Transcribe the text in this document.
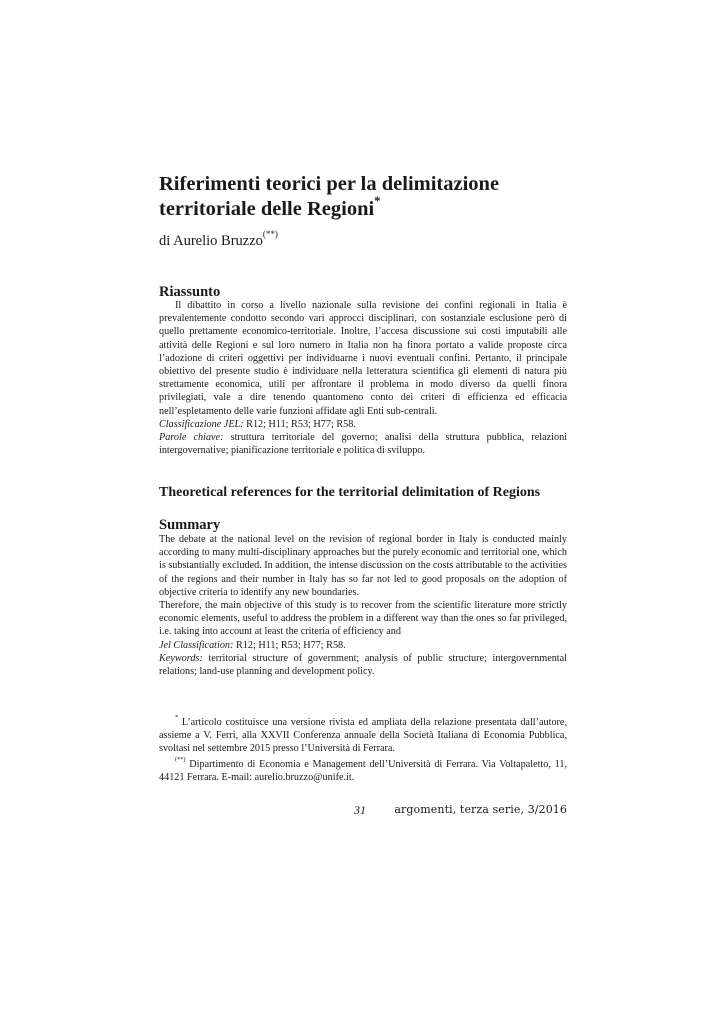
Riferimenti teorici per la delimitazione territoriale delle Regioni*
di Aurelio Bruzzo(**)
Riassunto

Il dibattito in corso a livello nazionale sulla revisione dei confini regionali in Italia è prevalentemente condotto secondo vari approcci disciplinari, con sostanziale esclusione però di quello prettamente economico-territoriale. Inoltre, l’accesa discussione sui costi imputabili alle attività delle Regioni e sul loro numero in Italia non ha finora portato a valide proposte circa l’adozione di criteri oggettivi per individuarne i nuovi eventuali confini. Pertanto, il principale obiettivo del presente studio è individuare nella letteratura scientifica gli elementi di natura più strettamente economica, utili per affrontare il problema in modo diverso da quelli finora privilegiati, vale a dire tenendo quantomeno conto dei criteri di efficienza ed efficacia nell’espletamento delle varie funzioni affidate agli Enti sub-centrali.

Classificazione JEL: R12; H11; R53; H77; R58.

Parole chiave: struttura territoriale del governo; analisi della struttura pubblica, relazioni intergovernative; pianificazione territoriale e politica di sviluppo.

Theoretical references for the territorial delimitation of Regions
Summary

The debate at the national level on the revision of regional border in Italy is conducted mainly according to many multi-disciplinary approaches but the purely economic and territorial one, which is substantially excluded. In addition, the intense discussion on the costs attributable to the activities of the regions and their number in Italy has so far not led to good proposals on the adoption of objective criteria to identify any new boundaries.

Therefore, the main objective of this study is to recover from the scientific literature more strictly economic elements, useful to address the problem in a different way than the ones so far privileged, i.e. taking into account at least the criteria of efficiency and

Jel Classification: R12; H11; R53; H77; R58.

Keywords: territorial structure of government; analysis of public structure; intergovernmental relations; land-use planning and development policy.

* L’articolo costituisce una versione rivista ed ampliata della relazione presentata dall’autore, assieme a V. Ferri, alla XXVII Conferenza annuale della Società Italiana di Economia Pubblica, svoltasi nel settembre 2015 presso l’Università di Ferrara.

(**) Dipartimento di Economia e Management dell’Università di Ferrara. Via Voltapaletto, 11, 44121 Ferrara. E-mail: aurelio.bruzzo@unife.it.

31	argomenti, terza serie, 3/2016
